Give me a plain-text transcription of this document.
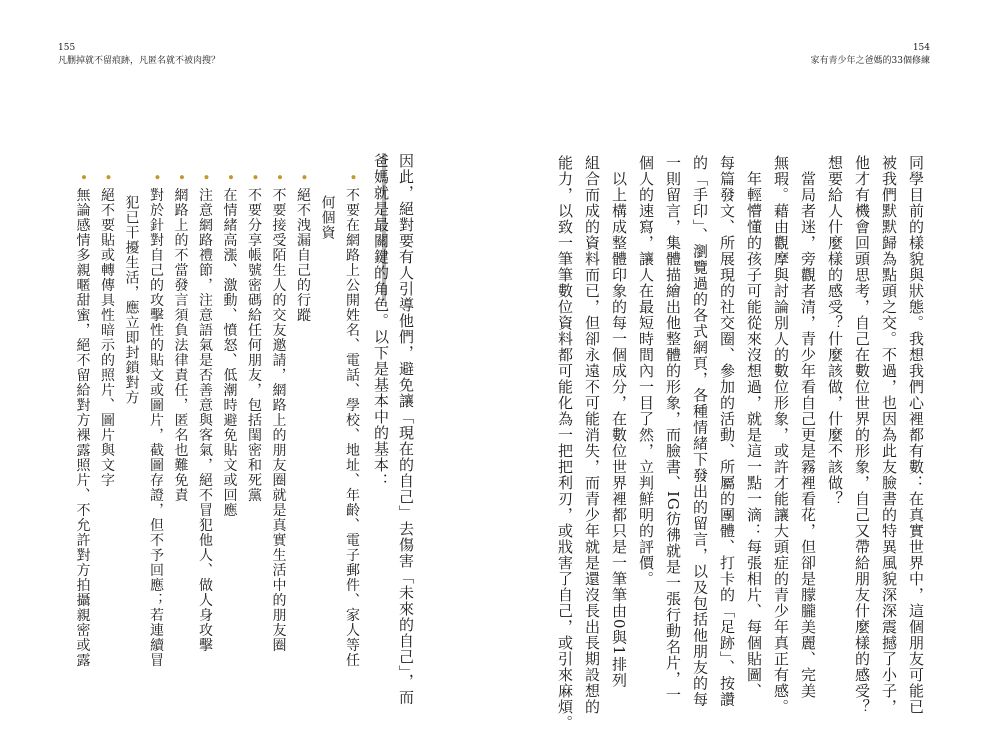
155
凡删掉就不留痕跡，凡匿名就不被肉搜？
154
家有青少年之爸媽的33個修練
同學目前的樣貌與狀態。我想我們心裡都有數：在真實世界中，這個朋友可能已
被我們默默歸為點頭之交。不過，也因為此友臉書的特異風貌深深震撼了小子，
他才有機會回頭思考，自己在數位世界的形象，自己又帶給朋友什麼樣的感受？
想要給人什麼樣的感受？什麼該做，什麼不該做？
　當局者迷，旁觀者清，青少年看自己更是霧裡看花，但卻是朦朧美麗、完美
無瑕。藉由觀摩與討論別人的數位形象，或許才能讓大頭症的青少年真正有感。
　年輕懵懂的孩子可能從來沒想過，就是這一點一滴：每張相片、每個貼圖、
每篇發文、所展現的社交圈、參加的活動、所屬的團體、打卡的「足跡」、按讚
的「手印」、瀏覽過的各式網頁，各種情緒下發出的留言，以及包括他朋友的每
一則留言，集體描繪出他整體的形象，而臉書、IG彷彿就是一張行動名片，一
個人的速寫，讓人在最短時間內一目了然，立判鮮明的評價。
　以上構成整體印象的每一個成分，在數位世界裡都只是一筆筆由0與1排列
組合而成的資料而已，但卻永遠不可能消失，而青少年就是還沒長出長期設想的
能力，以致一筆筆數位資料都可能化為一把把利刃，或戕害了自己，或引來麻煩。
因此，絕對要有人引導他們，避免讓「現在的自己」去傷害「未來的自己」，而
爸媽就是最關鍵的角色。以下是基本中的基本：
• 不要在網路上公開姓名、電話、學校、地址、年齡、電子郵件、家人等任
何個資
• 絕不洩漏自己的行蹤
• 不要接受陌生人的交友邀請，網路上的朋友圈就是真實生活中的朋友圈
• 不要分享帳號密碼給任何朋友，包括閨密和死黨
• 在情緒高漲、激動、憤怒、低潮時避免貼文或回應
• 注意網路禮節，注意語氣是否善意與客氣，絕不冒犯他人、做人身攻擊
• 網路上的不當發言須負法律責任，匿名也難免責
• 對於針對自己的攻擊性的貼文或圖片，截圖存證，但不予回應；若連續冒
犯已干擾生活，應立即封鎖對方
• 絕不要貼或轉傳具性暗示的照片、圖片與文字
• 無論感情多親暱甜蜜，絕不留給對方裸露照片、不允許對方拍攝親密或露
